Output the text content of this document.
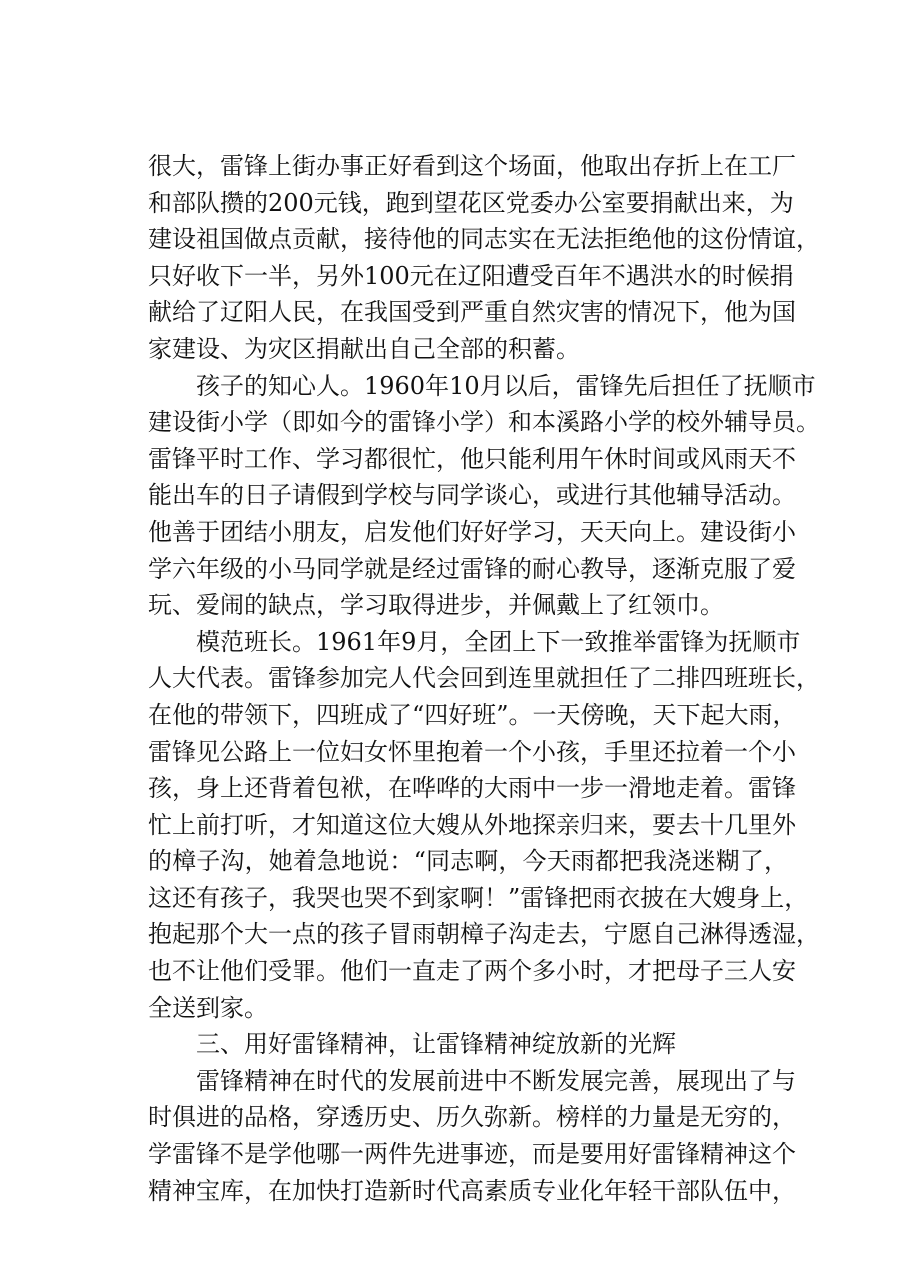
很大，雷锋上街办事正好看到这个场面，他取出存折上在工厂
和部队攒的200元钱，跑到望花区党委办公室要捐献出来，为
建设祖国做点贡献，接待他的同志实在无法拒绝他的这份情谊，
只好收下一半，另外100元在辽阳遭受百年不遇洪水的时候捐
献给了辽阳人民，在我国受到严重自然灾害的情况下，他为国
家建设、为灾区捐献出自己全部的积蓄。

孩子的知心人。1960年10月以后，雷锋先后担任了抚顺市
建设街小学（即如今的雷锋小学）和本溪路小学的校外辅导员。
雷锋平时工作、学习都很忙，他只能利用午休时间或风雨天不
能出车的日子请假到学校与同学谈心，或进行其他辅导活动。
他善于团结小朋友，启发他们好好学习，天天向上。建设街小
学六年级的小马同学就是经过雷锋的耐心教导，逐渐克服了爱
玩、爱闹的缺点，学习取得进步，并佩戴上了红领巾。

模范班长。1961年9月，全团上下一致推举雷锋为抚顺市
人大代表。雷锋参加完人代会回到连里就担任了二排四班班长，
在他的带领下，四班成了“四好班”。一天傍晚，天下起大雨，
雷锋见公路上一位妇女怀里抱着一个小孩，手里还拉着一个小
孩，身上还背着包袱，在哗哗的大雨中一步一滑地走着。雷锋
忙上前打听，才知道这位大嫂从外地探亲归来，要去十几里外
的樟子沟，她着急地说：“同志啊，今天雨都把我浇迷糊了，
这还有孩子，我哭也哭不到家啊！”雷锋把雨衣披在大嫂身上，
抱起那个大一点的孩子冒雨朝樟子沟走去，宁愿自己淋得透湿，
也不让他们受罪。他们一直走了两个多小时，才把母子三人安
全送到家。

三、用好雷锋精神，让雷锋精神绽放新的光辉

雷锋精神在时代的发展前进中不断发展完善，展现出了与
时俱进的品格，穿透历史、历久弥新。榜样的力量是无穷的，
学雷锋不是学他哪一两件先进事迹，而是要用好雷锋精神这个
精神宝库，在加快打造新时代高素质专业化年轻干部队伍中，
